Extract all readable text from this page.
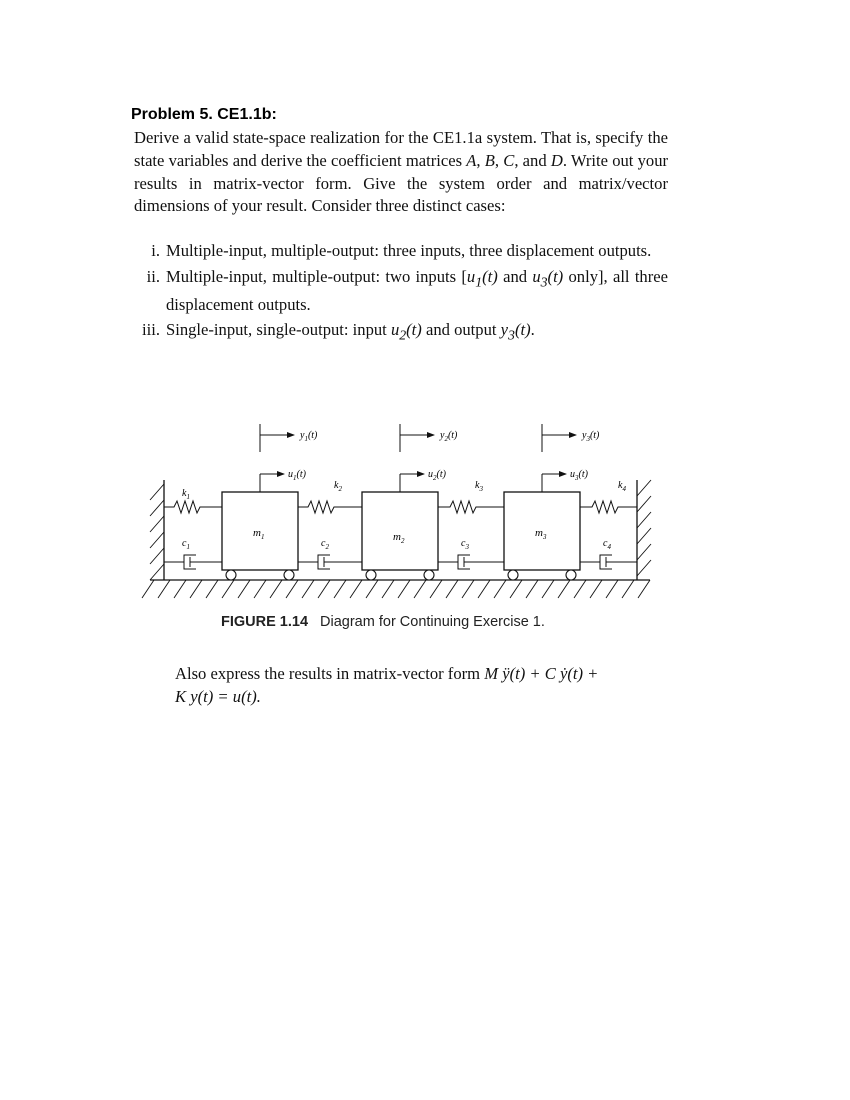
Problem 5. CE1.1b:

Derive a valid state-space realization for the CE1.1a system. That is, specify the state variables and derive the coefficient matrices A, B, C, and D. Write out your results in matrix-vector form. Give the system order and matrix/vector dimensions of your result. Consider three distinct cases:

i. Multiple-input, multiple-output: three inputs, three displacement outputs.
ii. Multiple-input, multiple-output: two inputs [$u_1(t)$ and $u_3(t)$ only], all three displacement outputs.
iii. Single-input, single-output: input $u_2(t)$ and output $y_3(t)$.
$m_1$	$m_2$
$m_3$
$k_1$
$k_2$	$k_3$	$k_4$
$c_1$	$c_2$	$c_3$	$c_4$
$y_1(t)$	$y_2(t)$	$y_3(t)$
$u_1(t)$	$u_2(t)$	$u_3(t)$
FIGURE 1.14 Diagram for Continuing Exercise 1.
Also express the results in matrix-vector form M ÿ(t) + C ẏ(t) +
K y(t) = u(t).
